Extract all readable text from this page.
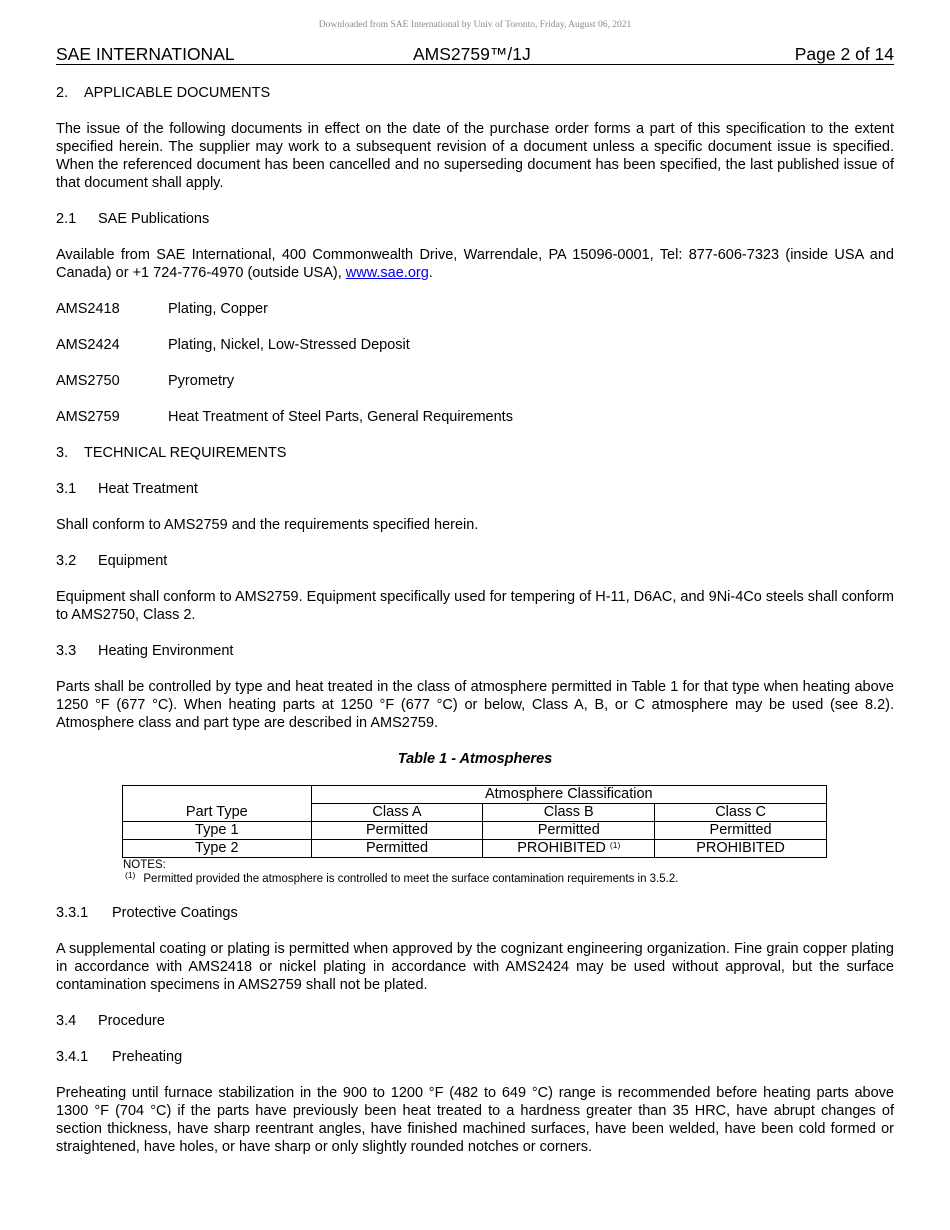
Downloaded from SAE International by Univ of Toronto, Friday, August 06, 2021
SAE INTERNATIONAL	AMS2759™/1J	Page 2 of 14
2.	APPLICABLE DOCUMENTS

The issue of the following documents in effect on the date of the purchase order forms a part of this specification to the extent specified herein. The supplier may work to a subsequent revision of a document unless a specific document issue is specified. When the referenced document has been cancelled and no superseding document has been specified, the last published issue of that document shall apply.

2.1	SAE Publications

Available from SAE International, 400 Commonwealth Drive, Warrendale, PA 15096-0001, Tel: 877-606-7323 (inside USA and Canada) or +1 724-776-4970 (outside USA), www.sae.org.

AMS2418	Plating, Copper
AMS2424	Plating, Nickel, Low-Stressed Deposit
AMS2750	Pyrometry
AMS2759	Heat Treatment of Steel Parts, General Requirements
3.	TECHNICAL REQUIREMENTS
3.1	Heat Treatment

Shall conform to AMS2759 and the requirements specified herein.

3.2	Equipment

Equipment shall conform to AMS2759. Equipment specifically used for tempering of H-11, D6AC, and 9Ni-4Co steels shall conform to AMS2750, Class 2.

3.3	Heating Environment

Parts shall be controlled by type and heat treated in the class of atmosphere permitted in Table 1 for that type when heating above 1250 °F (677 °C). When heating parts at 1250 °F (677 °C) or below, Class A, B, or C atmosphere may be used (see 8.2). Atmosphere class and part type are described in AMS2759.

Table 1 - Atmospheres
Part Type	Atmosphere Classification		
	Class A	Class B	Class C
Type 1	Permitted	Permitted	Permitted
Type 2	Permitted	PROHIBITED $^{(1)}$	PROHIBITED
NOTES:
$^{(1)}$ Permitted provided the atmosphere is controlled to meet the surface contamination requirements in 3.5.2.
3.3.1	Protective Coatings

A supplemental coating or plating is permitted when approved by the cognizant engineering organization. Fine grain copper plating in accordance with AMS2418 or nickel plating in accordance with AMS2424 may be used without approval, but the surface contamination specimens in AMS2759 shall not be plated.

3.4	Procedure
3.4.1	Preheating

Preheating until furnace stabilization in the 900 to 1200 °F (482 to 649 °C) range is recommended before heating parts above 1300 °F (704 °C) if the parts have previously been heat treated to a hardness greater than 35 HRC, have abrupt changes of section thickness, have sharp reentrant angles, have finished machined surfaces, have been welded, have been cold formed or straightened, have holes, or have sharp or only slightly rounded notches or corners.
